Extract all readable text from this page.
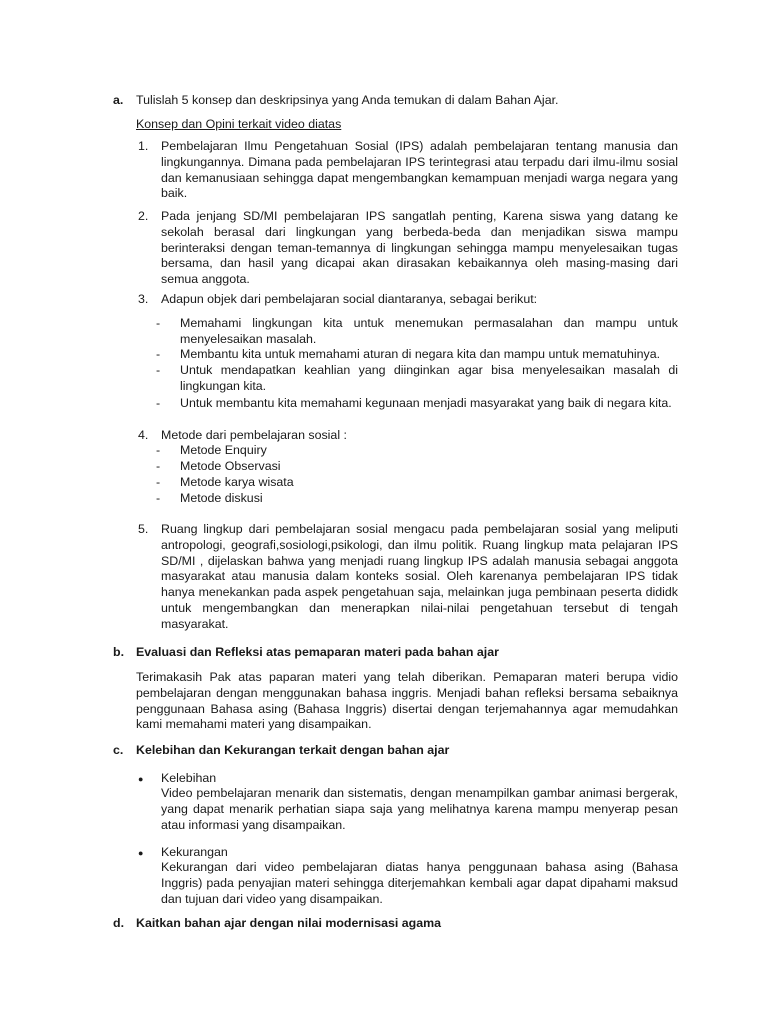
a. Tulislah 5 konsep dan deskripsinya yang Anda temukan di dalam Bahan Ajar.
Konsep dan Opini terkait video diatas
1. Pembelajaran Ilmu Pengetahuan Sosial (IPS) adalah pembelajaran tentang manusia dan lingkungannya. Dimana pada pembelajaran IPS terintegrasi atau terpadu dari ilmu-ilmu sosial dan kemanusiaan sehingga dapat mengembangkan kemampuan menjadi warga negara yang baik.
2. Pada jenjang SD/MI pembelajaran IPS sangatlah penting, Karena siswa yang datang ke sekolah berasal dari lingkungan yang berbeda-beda dan menjadikan siswa mampu berinteraksi dengan teman-temannya di lingkungan sehingga mampu menyelesaikan tugas bersama, dan hasil yang dicapai akan dirasakan kebaikannya oleh masing-masing dari semua anggota.
3. Adapun objek dari pembelajaran social diantaranya, sebagai berikut:
- Memahami lingkungan kita untuk menemukan permasalahan dan mampu untuk menyelesaikan masalah.
- Membantu kita untuk memahami aturan di negara kita dan mampu untuk mematuhinya.
- Untuk mendapatkan keahlian yang diinginkan agar bisa menyelesaikan masalah di lingkungan kita.
- Untuk membantu kita memahami kegunaan menjadi masyarakat yang baik di negara kita.
4. Metode dari pembelajaran sosial :
- Metode Enquiry
- Metode Observasi
- Metode karya wisata
- Metode diskusi
5. Ruang lingkup dari pembelajaran sosial mengacu pada pembelajaran sosial yang meliputi antropologi, geografi,sosiologi,psikologi, dan ilmu politik. Ruang lingkup mata pelajaran IPS SD/MI , dijelaskan bahwa yang menjadi ruang lingkup IPS adalah manusia sebagai anggota masyarakat atau manusia dalam konteks sosial. Oleh karenanya pembelajaran IPS tidak hanya menekankan pada aspek pengetahuan saja, melainkan juga pembinaan peserta dididk untuk mengembangkan dan menerapkan nilai-nilai pengetahuan tersebut di tengah masyarakat.
b. Evaluasi dan Refleksi atas pemaparan materi pada bahan ajar
Terimakasih Pak atas paparan materi yang telah diberikan. Pemaparan materi berupa vidio pembelajaran dengan menggunakan bahasa inggris. Menjadi bahan refleksi bersama sebaiknya penggunaan Bahasa asing (Bahasa Inggris) disertai dengan terjemahannya agar memudahkan kami memahami materi yang disampaikan.
c. Kelebihan dan Kekurangan terkait dengan bahan ajar
● Kelebihan
Video pembelajaran menarik dan sistematis, dengan menampilkan gambar animasi bergerak, yang dapat menarik perhatian siapa saja yang melihatnya karena mampu menyerap pesan atau informasi yang disampaikan.
● Kekurangan
Kekurangan dari video pembelajaran diatas hanya penggunaan bahasa asing (Bahasa Inggris) pada penyajian materi sehingga diterjemahkan kembali agar dapat dipahami maksud dan tujuan dari video yang disampaikan.
d. Kaitkan bahan ajar dengan nilai modernisasi agama
